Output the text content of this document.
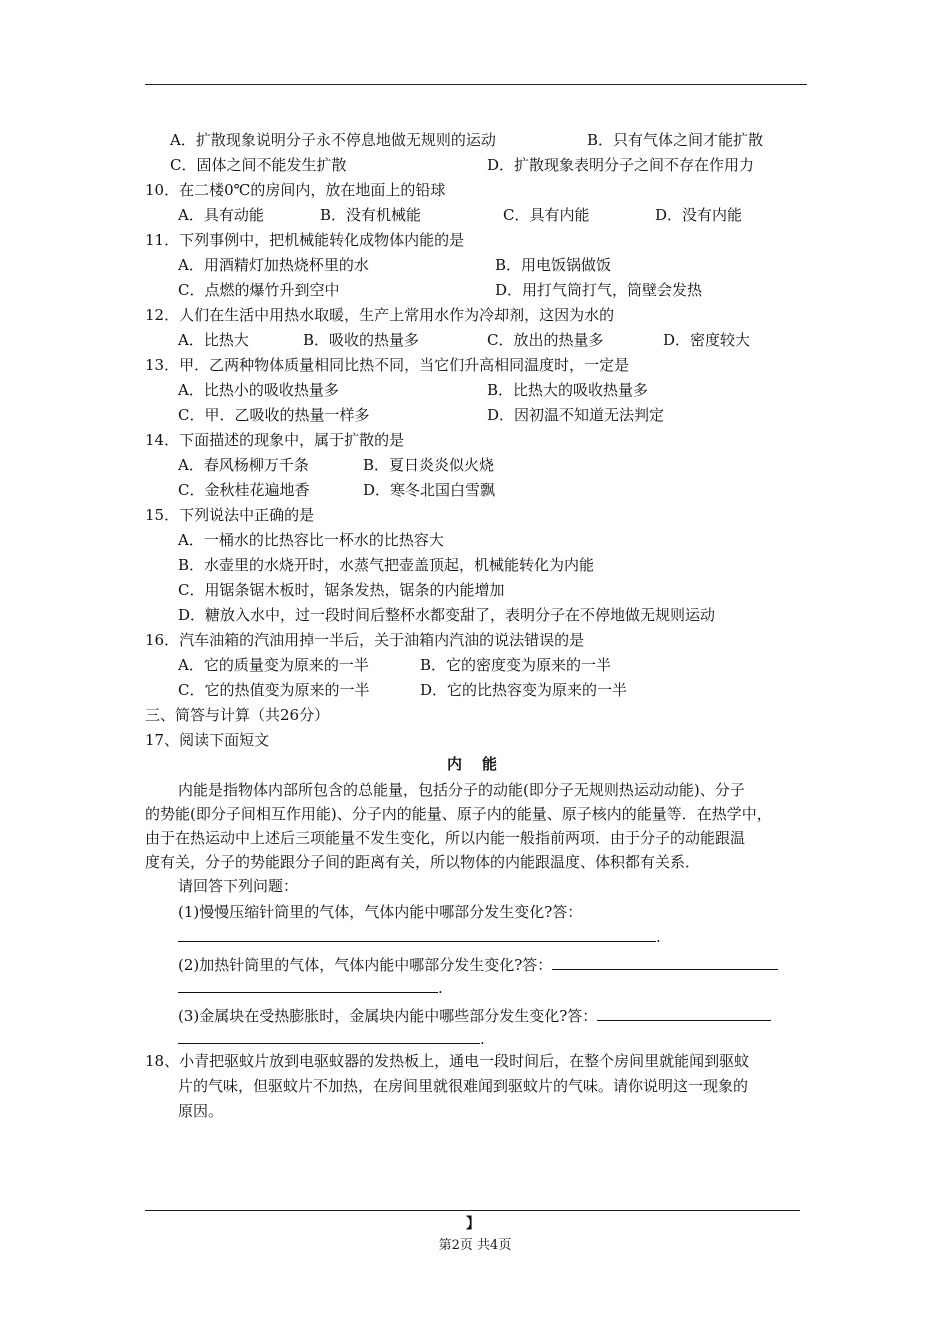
A．扩散现象说明分子永不停息地做无规则的运动	B．只有气体之间才能扩散
C．固体之间不能发生扩散	D．扩散现象表明分子之间不存在作用力
10．在二楼0℃的房间内，放在地面上的铅球
A．具有动能	B．没有机械能	C．具有内能	D．没有内能
11．下列事例中，把机械能转化成物体内能的是
A．用酒精灯加热烧杯里的水	B．用电饭锅做饭
C．点燃的爆竹升到空中	D．用打气筒打气，筒壁会发热
12．人们在生活中用热水取暖，生产上常用水作为冷却剂，这因为水的
A．比热大	B．吸收的热量多	C．放出的热量多	D．密度较大
13．甲．乙两种物体质量相同比热不同，当它们升高相同温度时，一定是
A．比热小的吸收热量多	B．比热大的吸收热量多
C．甲．乙吸收的热量一样多	D．因初温不知道无法判定
14．下面描述的现象中，属于扩散的是
A．春风杨柳万千条	B．夏日炎炎似火烧
C．金秋桂花遍地香	D．寒冬北国白雪飘
15．下列说法中正确的是
A．一桶水的比热容比一杯水的比热容大
B．水壶里的水烧开时，水蒸气把壶盖顶起，机械能转化为内能
C．用锯条锯木板时，锯条发热，锯条的内能增加
D．糖放入水中，过一段时间后整杯水都变甜了，表明分子在不停地做无规则运动
16．汽车油箱的汽油用掉一半后，关于油箱内汽油的说法错误的是
A．它的质量变为原来的一半	B．它的密度变为原来的一半
C．它的热值变为原来的一半	D．它的比热容变为原来的一半
三、简答与计算（共26分）
17、阅读下面短文
内能
内能是指物体内部所包含的总能量，包括分子的动能(即分子无规则热运动动能)、分子
的势能(即分子间相互作用能)、分子内的能量、原子内的能量、原子核内的能量等．在热学中，
由于在热运动中上述后三项能量不发生变化，所以内能一般指前两项．由于分子的动能跟温
度有关，分子的势能跟分子间的距离有关，所以物体的内能跟温度、体积都有关系．
请回答下列问题：
(1)慢慢压缩针筒里的气体，气体内能中哪部分发生变化?答：
.
(2)加热针筒里的气体，气体内能中哪部分发生变化?答：
.
(3)金属块在受热膨胀时，金属块内能中哪些部分发生变化?答：
.
18、小青把驱蚊片放到电驱蚊器的发热板上，通电一段时间后，在整个房间里就能闻到驱蚊
片的气味，但驱蚊片不加热，在房间里就很难闻到驱蚊片的气味。请你说明这一现象的
原因。
】
第2页 共4页
